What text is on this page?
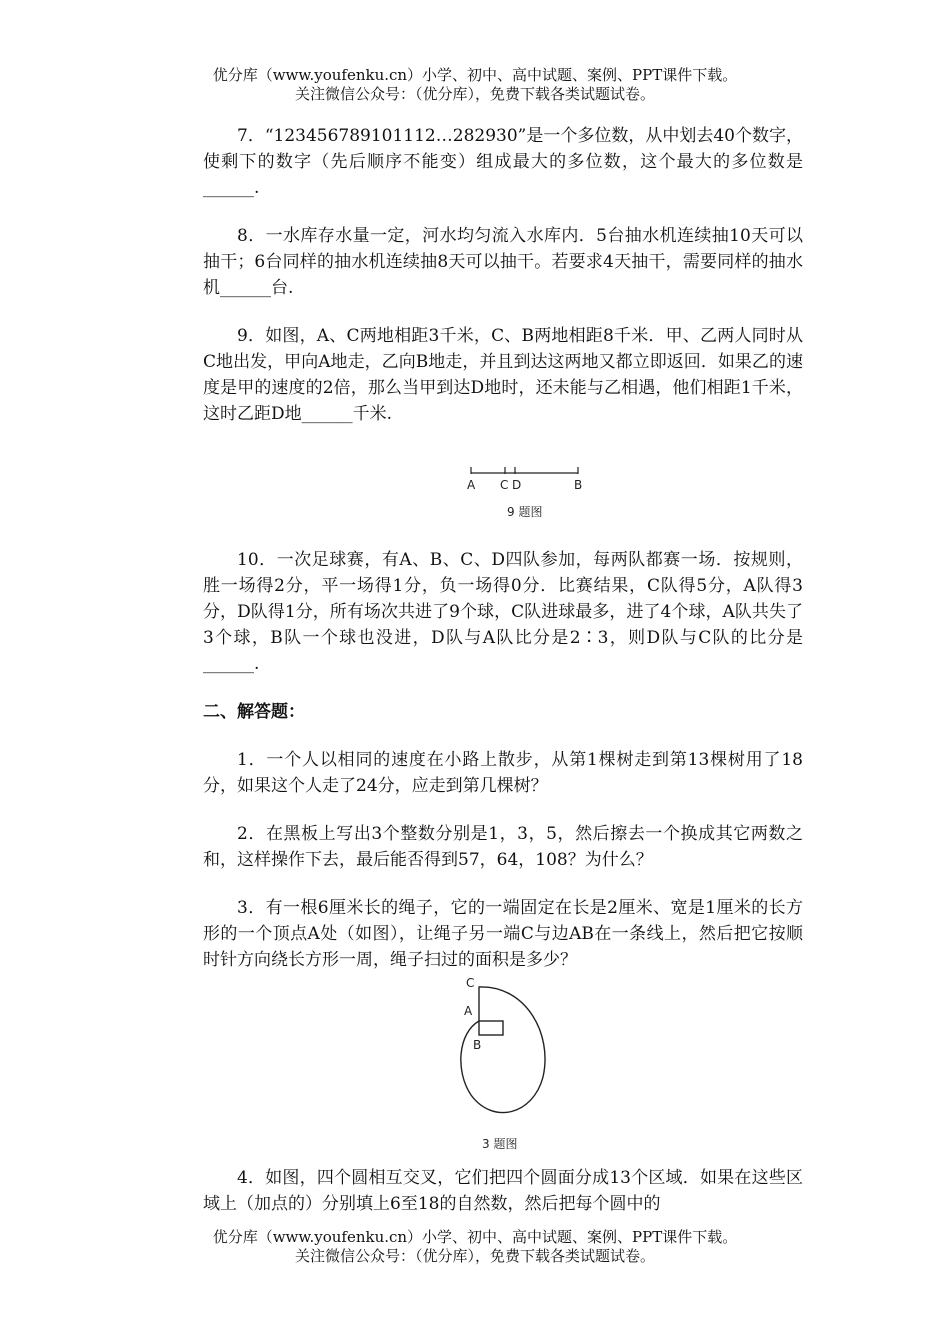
优分库（www.youfenku.cn）小学、初中、高中试题、案例、PPT课件下载。
关注微信公众号：（优分库），免费下载各类试题试卷。

7．“123456789101112…282930”是一个多位数，从中划去40个数字，使剩下的数字（先后顺序不能变）组成最大的多位数，这个最大的多位数是______.

8．一水库存水量一定，河水均匀流入水库内．5台抽水机连续抽10天可以抽干；6台同样的抽水机连续抽8天可以抽干。若要求4天抽干，需要同样的抽水机______台.

9．如图，A、C两地相距3千米，C、B两地相距8千米．甲、乙两人同时从C地出发，甲向A地走，乙向B地走，并且到达这两地又都立即返回．如果乙的速度是甲的速度的2倍，那么当甲到达D地时，还未能与乙相遇，他们相距1千米，这时乙距D地______千米.

A C D	B
9 题图

10．一次足球赛，有A、B、C、D四队参加，每两队都赛一场．按规则，胜一场得2分，平一场得1分，负一场得0分．比赛结果，C队得5分，A队得3分，D队得1分，所有场次共进了9个球，C队进球最多，进了4个球，A队共失了3个球，B队一个球也没进，D队与A队比分是2∶3，则D队与C队的比分是______.

二、解答题：

1．一个人以相同的速度在小路上散步，从第1棵树走到第13棵树用了18分，如果这个人走了24分，应走到第几棵树？

2．在黑板上写出3个整数分别是1，3，5，然后擦去一个换成其它两数之和，这样操作下去，最后能否得到57，64，108？为什么？

3．有一根6厘米长的绳子，它的一端固定在长是2厘米、宽是1厘米的长方形的一个顶点A处（如图），让绳子另一端C与边AB在一条线上，然后把它按顺时针方向绕长方形一周，绳子扫过的面积是多少？

C
A
B
3 题图

4．如图，四个圆相互交叉，它们把四个圆面分成13个区域．如果在这些区域上（加点的）分别填上6至18的自然数，然后把每个圆中的

优分库（www.youfenku.cn）小学、初中、高中试题、案例、PPT课件下载。
关注微信公众号：（优分库），免费下载各类试题试卷。
